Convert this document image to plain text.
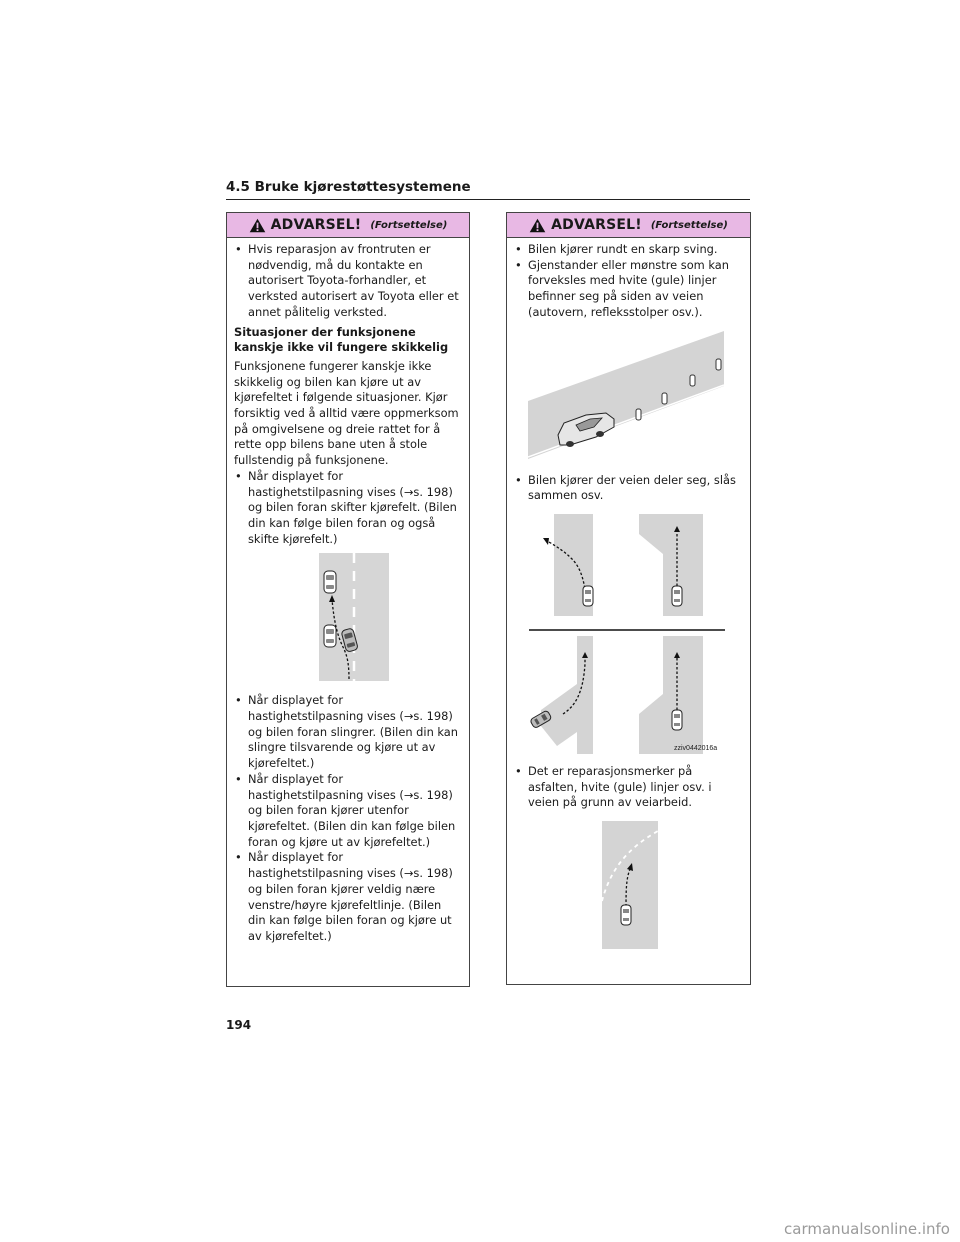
4.5 Bruke kjørestøttesystemene
ADVARSEL! (Fortsettelse)

• Hvis reparasjon av frontruten er nødvendig, må du kontakte en autorisert Toyota-forhandler, et verksted autorisert av Toyota eller et annet pålitelig verksted.

Situasjoner der funksjonene kanskje ikke vil fungere skikkelig

Funksjonene fungerer kanskje ikke skikkelig og bilen kan kjøre ut av kjørefeltet i følgende situasjoner. Kjør forsiktig ved å alltid være oppmerksom på omgivelsene og dreie rattet for å rette opp bilens bane uten å stole fullstendig på funksjonene.

• Når displayet for hastighetstilpasning vises (→s. 198) og bilen foran skifter kjørefelt. (Bilen din kan følge bilen foran og også skifte kjørefelt.)

• Når displayet for hastighetstilpasning vises (→s. 198) og bilen foran slingrer. (Bilen din kan slingre tilsvarende og kjøre ut av kjørefeltet.)

• Når displayet for hastighetstilpasning vises (→s. 198) og bilen foran kjører utenfor kjørefeltet. (Bilen din kan følge bilen foran og kjøre ut av kjørefeltet.)

• Når displayet for hastighetstilpasning vises (→s. 198) og bilen foran kjører veldig nære venstre/høyre kjørefeltlinje. (Bilen din kan følge bilen foran og kjøre ut av kjørefeltet.)

ADVARSEL! (Fortsettelse)

• Bilen kjører rundt en skarp sving.

• Gjenstander eller mønstre som kan forveksles med hvite (gule) linjer befinner seg på siden av veien (autovern, refleksstolper osv.).

• Bilen kjører der veien deler seg, slås sammen osv.

zziv0442016a

• Det er reparasjonsmerker på asfalten, hvite (gule) linjer osv. i veien på grunn av veiarbeid.

194
carmanualsonline.info
